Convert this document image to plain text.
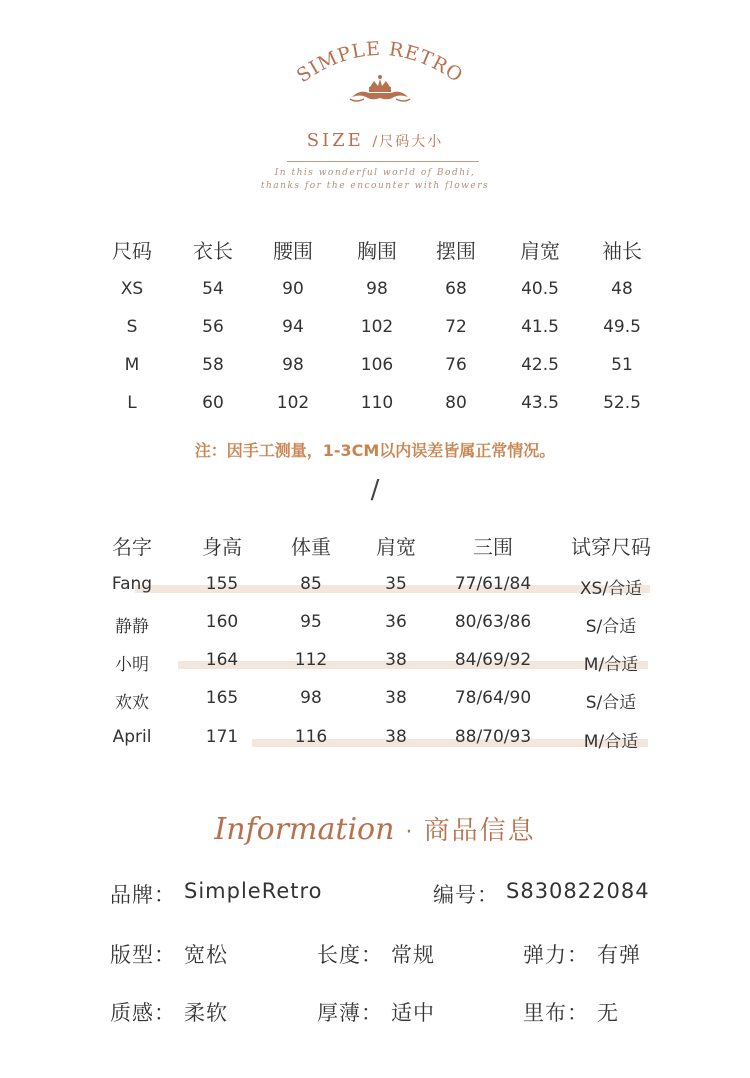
SIMPLE RETRO
SIZE /尺码大小
In this wonderful world of Bodhi,
thanks for the encounter with flowers
尺码 衣长 腰围 胸围 摆围 肩宽 袖长
XS	54	90	98	68	40.5	48
S	56	94	102	72	41.5	49.5
M	58	98	106	76	42.5	51
L	60	102	110	80	43.5	52.5
注：因手工测量，1-3CM以内误差皆属正常情况。
/
名字	身高 体重 肩宽	三围	试穿尺码
Fang	155	85	35	77/61/84	XS/合适
静静	160	95	36	80/63/86	S/合适
小明	164	112	38	84/69/92	M/合适
欢欢	165	98	38	78/64/90	S/合适
April	171	116	38	88/70/93	M/合适
Information · 商品信息
品牌： SimpleRetro	编号： S830822084
版型： 宽松	长度： 常规	弹力： 有弹
质感： 柔软	厚薄： 适中	里布： 无
